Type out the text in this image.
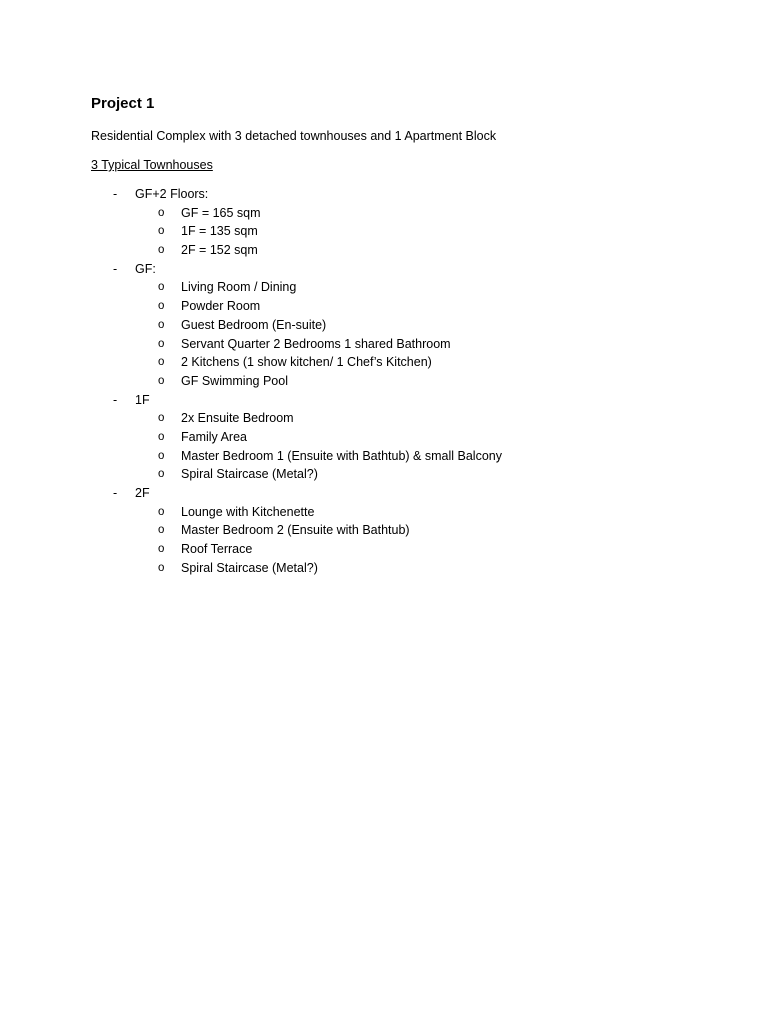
Project 1
Residential Complex with 3 detached townhouses and 1 Apartment Block
3 Typical Townhouses
-	GF+2 Floors:
o	GF = 165 sqm
o	1F = 135 sqm
o	2F = 152 sqm
-	GF:
o	Living Room / Dining
o	Powder Room
o	Guest Bedroom (En-suite)
o	Servant Quarter 2 Bedrooms 1 shared Bathroom
o	2 Kitchens (1 show kitchen/ 1 Chef’s Kitchen)
o	GF Swimming Pool
-	1F
o	2x Ensuite Bedroom
o	Family Area
o	Master Bedroom 1 (Ensuite with Bathtub) & small Balcony
o	Spiral Staircase (Metal?)
-	2F
o	Lounge with Kitchenette
o	Master Bedroom 2 (Ensuite with Bathtub)
o	Roof Terrace
o	Spiral Staircase (Metal?)
